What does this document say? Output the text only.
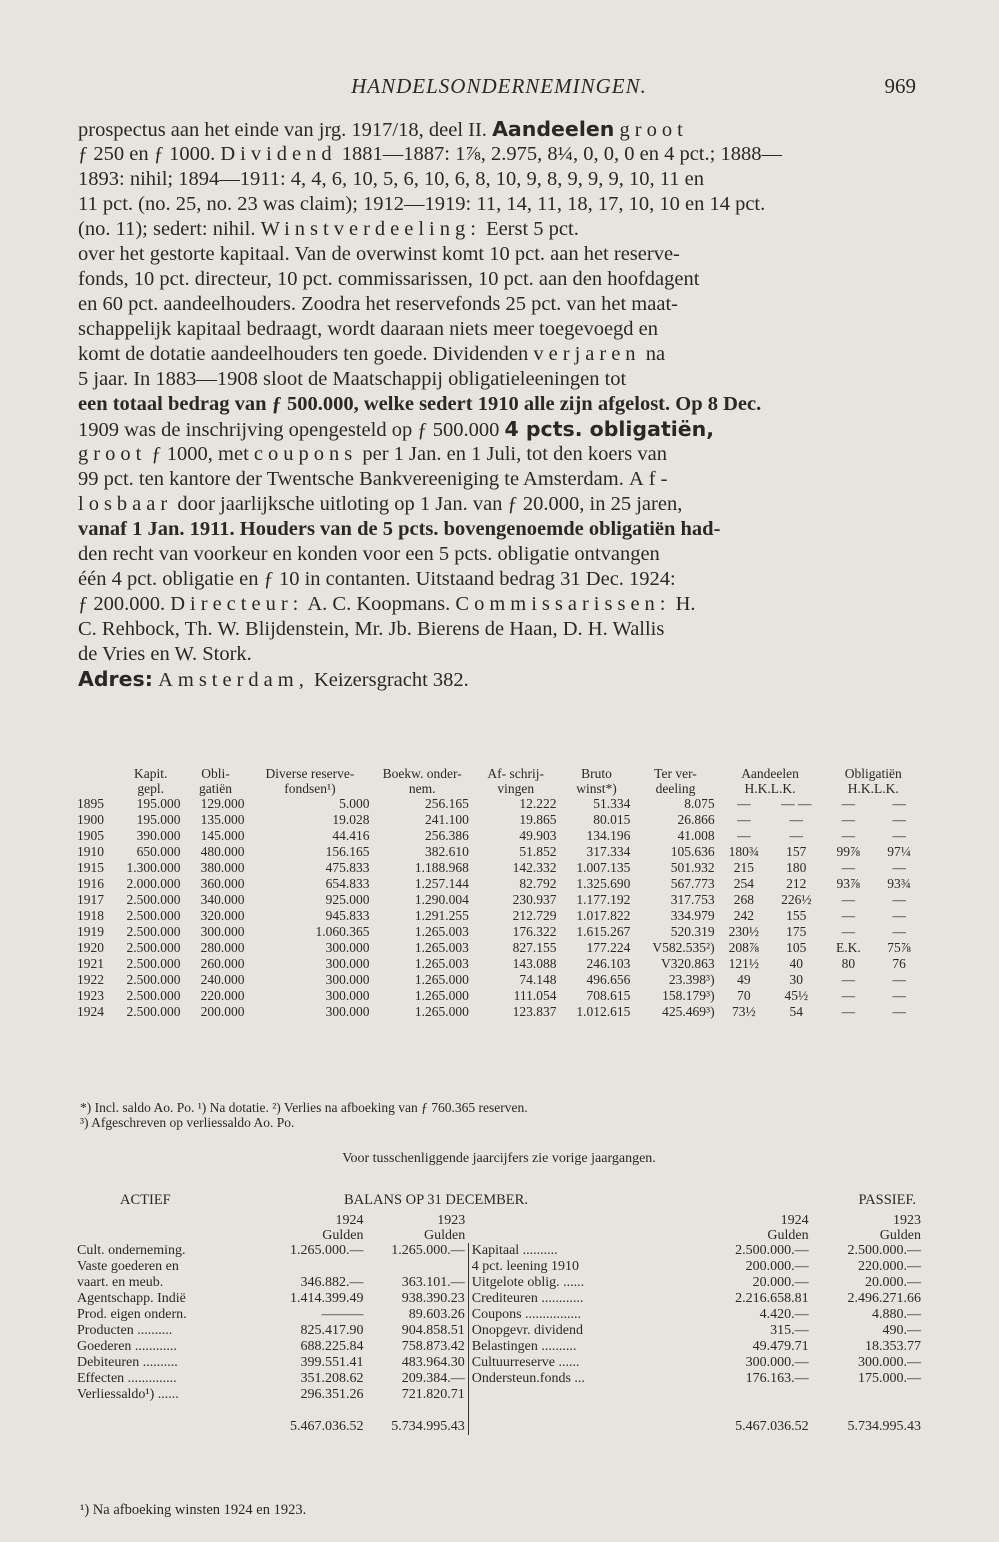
HANDELSONDERNEMINGEN.	969
prospectus aan het einde van jrg. 1917/18, deel II. Aandeelen groot
ƒ 250 en ƒ 1000. Dividend 1881—1887: 1⅞, 2.975, 8¼, 0, 0, 0 en 4 pct.; 1888—
1893: nihil; 1894—1911: 4, 4, 6, 10, 5, 6, 10, 6, 8, 10, 9, 8, 9, 9, 9, 10, 11 en
11 pct. (no. 25, no. 23 was claim); 1912—1919: 11, 14, 11, 18, 17, 10, 10 en 14 pct.
(no. 11); sedert: nihil. Winstverdeeling: Eerst 5 pct.
over het gestorte kapitaal. Van de overwinst komt 10 pct. aan het reserve-
fonds, 10 pct. directeur, 10 pct. commissarissen, 10 pct. aan den hoofdagent
en 60 pct. aandeelhouders. Zoodra het reservefonds 25 pct. van het maat-
schappelijk kapitaal bedraagt, wordt daaraan niets meer toegevoegd en
komt de dotatie aandeelhouders ten goede. Dividenden verjaren na
5 jaar. In 1883—1908 sloot de Maatschappij obligatieleeningen tot
een totaal bedrag van ƒ 500.000, welke sedert 1910 alle zijn afgelost. Op 8 Dec.
1909 was de inschrijving opengesteld op ƒ 500.000 4 pcts. obligatiën,
groot ƒ 1000, met coupons per 1 Jan. en 1 Juli, tot den koers van
99 pct. ten kantore der Twentsche Bankvereeniging te Amsterdam. Af-
losbaar door jaarlijksche uitloting op 1 Jan. van ƒ 20.000, in 25 jaren,
vanaf 1 Jan. 1911. Houders van de 5 pcts. bovengenoemde obligatiën had-
den recht van voorkeur en konden voor een 5 pcts. obligatie ontvangen
één 4 pct. obligatie en ƒ 10 in contanten. Uitstaand bedrag 31 Dec. 1924:
ƒ 200.000. Directeur: A. C. Koopmans. Commissarissen: H.
C. Rehbock, Th. W. Blijdenstein, Mr. Jb. Bierens de Haan, D. H. Wallis
de Vries en W. Stork.
Adres: Amsterdam, Keizersgracht 382.
	Kapit. gepl.	Obli- gatiën	Diverse reserve- fondsen¹)	Boekw. onder- nem.	Af- schrij- vingen	Bruto winst*)	Ter ver- deeling	Aandeelen H.K.L.K.		Obligatiën H.K.L.K.	
1895	195.000	129.000	5.000	256.165	12.222	51.334	8.075	—	— —	—	—
1900	195.000	135.000	19.028	241.100	19.865	80.015	26.866	—	—	—	—
1905	390.000	145.000	44.416	256.386	49.903	134.196	41.008	—	—	—	—
1910	650.000	480.000	156.165	382.610	51.852	317.334	105.636	180¾	157	99⅞	97¼
1915	1.300.000	380.000	475.833	1.188.968	142.332	1.007.135	501.932	215	180	—	—
1916	2.000.000	360.000	654.833	1.257.144	82.792	1.325.690	567.773	254	212	93⅞	93¾
1917	2.500.000	340.000	925.000	1.290.004	230.937	1.177.192	317.753	268	226½	—	—
1918	2.500.000	320.000	945.833	1.291.255	212.729	1.017.822	334.979	242	155	—	—
1919	2.500.000	300.000	1.060.365	1.265.003	176.322	1.615.267	520.319	230½	175	—	—
1920	2.500.000	280.000	300.000	1.265.003	827.155	177.224	V582.535²)	208⅞	105	E.K.	75⅞
1921	2.500.000	260.000	300.000	1.265.003	143.088	246.103	V320.863	121½	40	80	76
1922	2.500.000	240.000	300.000	1.265.000	74.148	496.656	23.398³)	49	30	—	—
1923	2.500.000	220.000	300.000	1.265.000	111.054	708.615	158.179³)	70	45½	—	—
1924	2.500.000	200.000	300.000	1.265.000	123.837	1.012.615	425.469³)	73½	54	—	—
*) Incl. saldo Ao. Po. ¹) Na dotatie. ²) Verlies na afboeking van ƒ 760.365 reserven.
³) Afgeschreven op verliessaldo Ao. Po.
Voor tusschenliggende jaarcijfers zie vorige jaargangen.
ACTIEF	BALANS OP 31 DECEMBER.	PASSIEF.
	1924	1923		1924	1923
	Gulden	Gulden		Gulden	Gulden
Cult. onderneming.	1.265.000.—	1.265.000.—	Kapitaal ..........	2.500.000.—	2.500.000.—
Vaste goederen en			4 pct. leening 1910	200.000.—	220.000.—
vaart. en meub.	346.882.—	363.101.—	Uitgelote oblig. ......	20.000.—	20.000.—
Agentschapp. Indië	1.414.399.49	938.390.23	Crediteuren ............	2.216.658.81	2.496.271.66
Prod. eigen ondern.	———	89.603.26	Coupons ................	4.420.—	4.880.—
Producten ..........	825.417.90	904.858.51	Onopgevr. dividend	315.—	490.—
Goederen ............	688.225.84	758.873.42	Belastingen ..........	49.479.71	18.353.77
Debiteuren ..........	399.551.41	483.964.30	Cultuurreserve ......	300.000.—	300.000.—
Effecten ..............	351.208.62	209.384.—	Ondersteun.fonds ...	176.163.—	175.000.—
Verliessaldo¹) ......	296.351.26	721.820.71			

	5.467.036.52	5.734.995.43		5.467.036.52	5.734.995.43
¹) Na afboeking winsten 1924 en 1923.
